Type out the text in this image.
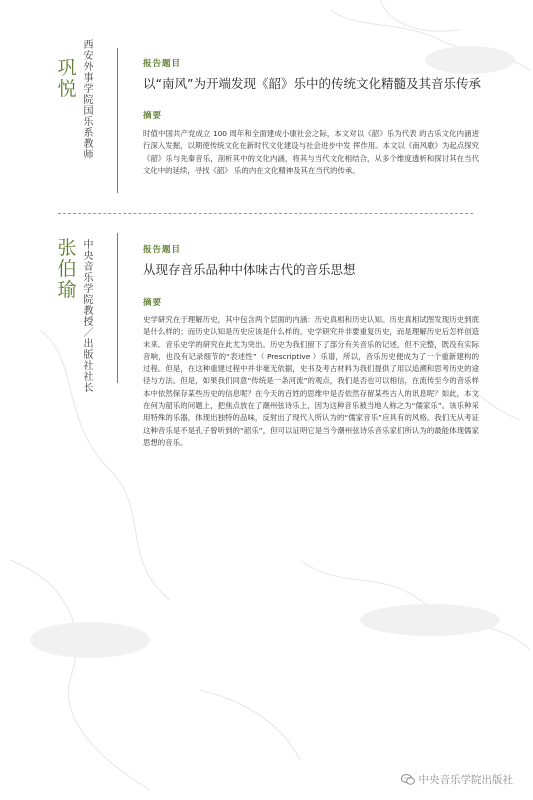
巩悦
西安外事学院国乐系教师
报告题目
以“南风”为开端发现《韶》乐中的传统文化精髓及其音乐传承
摘要
时值中国共产党成立 100 周年和全面建成小康社会之际，本文对以《韶》乐为代表 的古乐文化内涵进行深入发掘，以期使传统文化在新时代文化建设与社会进步中发 挥作用。本文以《南风歌》为起点探究《韶》乐与先秦音乐，剖析其中的文化内涵，将其与当代文化相结合，从多个维度透析和探讨其在当代文化中的延续，寻找《韶》 乐的内在文化精神及其在当代的传承。
张伯瑜
中央音乐学院教授／出版社社长
报告题目
从现存音乐品种中体味古代的音乐思想
摘要
史学研究在于理解历史，其中包含两个层面的内涵：历史真相和历史认知。历史真相试图发现历史到底是什么样的；而历史认知是历史应该是什么样的。史学研究并非要重复历史，而是理解历史后怎样创造未来。音乐史学的研究在此尤为突出。历史为我们留下了部分有关音乐的记述，但不完整，既没有实际音响，也没有记录细节的“表述性”（ Prescriptive ）乐谱，所以，音乐历史便成为了一个重新建构的过程。但是，在这种重建过程中并非毫无依据，史书及考古材料为我们提供了用以追溯和思考历史的途径与方法。但是，如果我们同意“传统是一条河流”的观点，我们是否也可以相信，在流传至今的音乐样本中依然保存某些历史的信息呢？在今天的百姓的思维中是否依然存留某些古人的讯息呢？如此，本文在何为韶乐的问题上，把焦点放在了潮州弦诗乐上，因为这种音乐被当地人称之为“儒家乐”。该乐种采用特殊的乐器，体现出独特的品味，反射出了现代人所认为的“儒家音乐”应具有的风格。我们无从考证这种音乐是不是孔子曾听到的“韶乐”，但可以证明它是当今潮州弦诗乐音乐家们所认为的最能体现儒家思想的音乐。
中央音乐学院出版社
